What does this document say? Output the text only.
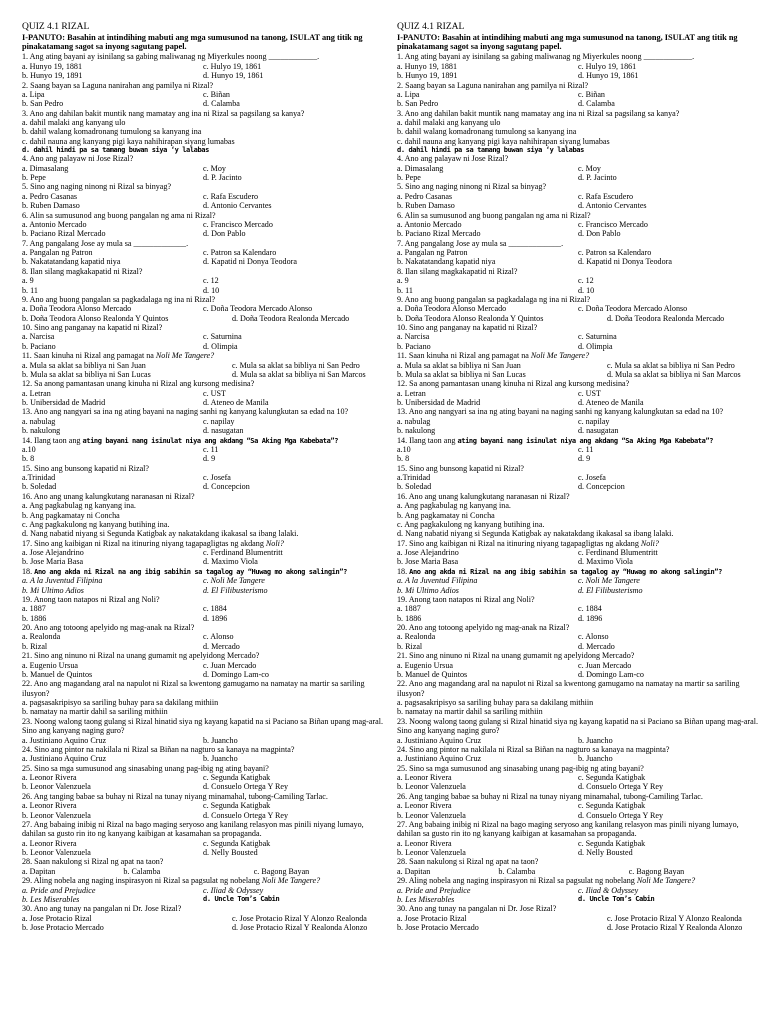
QUIZ 4.1 RIZAL
I-PANUTO: Basahin at intindihing mabuti ang mga sumusunod na tanong, ISULAT ang titik ng pinakatamang sagot sa inyong sagutang papel.
1. Ang ating bayani ay isinilang sa gabing maliwanag ng Miyerkules noong ____________.
a. Hunyo 19, 1881	c. Hulyo 19, 1861
b. Hunyo 19, 1891	d. Hunyo 19, 1861
2. Saang bayan sa Laguna nanirahan ang pamilya ni Rizal?
a. Lipa	c. Biñan
b. San Pedro	d. Calamba
3. Ano ang dahilan bakit muntik nang mamatay ang ina ni Rizal sa pagsilang sa kanya?
a. dahil malaki ang kanyang ulo
b. dahil walang komadronang tumulong sa kanyang ina
c. dahil nauna ang kanyang pigi kaya nahihirapan siyang lumabas
d. dahil hindi pa sa tamang buwan siya ‘y lalabas
4. Ano ang palayaw ni Jose Rizal?
a. Dimasalang	c. Moy
b. Pepe	d. P. Jacinto
5. Sino ang naging ninong ni Rizal sa binyag?
a. Pedro Casanas	c. Rafa Escudero
b. Ruben Damaso	d. Antonio Cervantes
6. Alin sa sumusunod ang buong pangalan ng ama ni Rizal?
a. Antonio Mercado	c. Francisco Mercado
b. Paciano Rizal Mercado	d. Don Pablo
7. Ang pangalang Jose ay mula sa _____________.
a. Pangalan ng Patron	c. Patron sa Kalendaro
b. Nakatatandang kapatid niya	d. Kapatid ni Donya Teodora
8. Ilan silang magkakapatid ni Rizal?
a. 9	c. 12
b. 11	d. 10
9. Ano ang buong pangalan sa pagkadalaga ng ina ni Rizal?
a. Doña Teodora Alonso Mercado	c. Doña Teodora Mercado Alonso
b. Doña Teodora Alonso Realonda Y Quintos	d. Doña Teodora Realonda Mercado
10. Sino ang panganay na kapatid ni Rizal?
a. Narcisa	c. Saturnina
b. Paciano	d. Olimpia
11. Saan kinuha ni Rizal ang pamagat na Noli Me Tangere?
a. Mula sa aklat sa bibliya ni San Juan	c. Mula sa aklat sa bibliya ni San Pedro
b. Mula sa aklat sa bibliya ni San Lucas	d. Mula sa aklat sa bibliya ni San Marcos
12. Sa anong pamantasan unang kinuha ni Rizal ang kursong medisina?
a. Letran	c. UST
b. Unibersidad de Madrid	d. Ateneo de Manila
13. Ano ang nangyari sa ina ng ating bayani na naging sanhi ng kanyang kalungkutan sa edad na 10?
a. nabulag	c. napilay
b. nakulong	d. nasugatan
14. Ilang taon ang ating bayani nang isinulat niya ang akdang “Sa Aking Mga Kabebata”?
a.10	c. 11
b. 8	d. 9
15. Sino ang bunsong kapatid ni Rizal?
a.Trinidad	c. Josefa
b. Soledad	d. Concepcion
16. Ano ang unang kalungkutang naranasan ni Rizal?
a. Ang pagkabulag ng kanyang ina.
b. Ang pagkamatay ni Concha
c. Ang pagkakulong ng kanyang butihing ina.
d. Nang nabatid niyang si Segunda Katigbak ay nakatakdang ikakasal sa ibang lalaki.
17. Sino ang kaibigan ni Rizal na itinuring niyang tagapagligtas ng akdang Noli?
a. Jose Alejandrino	c. Ferdinand Blumentritt
b. Jose Maria Basa	d. Maximo Viola
18. Ano ang akda ni Rizal na ang ibig sabihin sa tagalog ay “Huwag mo akong salingin”?
a. A la Juventud Filipina	c. Noli Me Tangere
b. Mi Ultimo Adios	d. El Filibusterismo
19. Anong taon natapos ni Rizal ang Noli?
a. 1887	c. 1884
b. 1886	d. 1896
20. Ano ang totoong apelyido ng mag-anak na Rizal?
a. Realonda	c. Alonso
b. Rizal	d. Mercado
21. Sino ang ninuno ni Rizal na unang gumamit ng apelyidong Mercado?
a. Eugenio Ursua	c. Juan Mercado
b. Manuel de Quintos	d. Domingo Lam-co
22. Ano ang magandang aral na napulot ni Rizal sa kwentong gamugamo na namatay na martir sa sariling ilusyon?
a. pagsasakripisyo sa sariling buhay para sa dakilang mithiin
b. namatay na martir dahil sa sariling mithiin
23. Noong walong taong gulang si Rizal hinatid siya ng kayang kapatid na si Paciano sa Biñan upang mag-aral. Sino ang kanyang naging guro?
a. Justiniano Aquino Cruz	b. Juancho
24. Sino ang pintor na nakilala ni Rizal sa Biñan na nagturo sa kanaya na magpinta?
a. Justiniano Aquino Cruz	b. Juancho
25. Sino sa mga sumusunod ang sinasabing unang pag-ibig ng ating bayani?
a. Leonor Rivera	c. Segunda Katigbak
b. Leonor Valenzuela	d. Consuelo Ortega Y Rey
26. Ang tanging babae sa buhay ni Rizal na tunay niyang minamahal, tubong-Camiling Tarlac.
a. Leonor Rivera	c. Segunda Katigbak
b. Leonor Valenzuela	d. Consuelo Ortega Y Rey
27. Ang babaing inibig ni Rizal na bago maging seryoso ang kanilang relasyon mas pinili niyang lumayo, dahilan sa gusto rin ito ng kanyang kaibigan at kasamahan sa propaganda.
a. Leonor Rivera	c. Segunda Katigbak
b. Leonor Valenzuela	d. Nelly Bousted
28. Saan nakulong si Rizal ng apat na taon?
a. Dapitan	b. Calamba	c. Bagong Bayan
29. Aling nobela ang naging inspirasyon ni Rizal sa pagsulat ng nobelang Noli Me Tangere?
a. Pride and Prejudice	c. Iliad & Odyssey
b. Les Miserables	d. Uncle Tom’s Cabin
30. Ano ang tunay na pangalan ni Dr. Jose Rizal?
a. Jose Protacio Rizal	c. Jose Protacio Rizal Y Alonzo Realonda
b. Jose Protacio Mercado	d. Jose Protacio Rizal Y Realonda Alonzo
QUIZ 4.1 RIZAL
I-PANUTO: Basahin at intindihing mabuti ang mga sumusunod na tanong, ISULAT ang titik ng pinakatamang sagot sa inyong sagutang papel.
1. Ang ating bayani ay isinilang sa gabing maliwanag ng Miyerkules noong ____________.
a. Hunyo 19, 1881	c. Hulyo 19, 1861
b. Hunyo 19, 1891	d. Hunyo 19, 1861
2. Saang bayan sa Laguna nanirahan ang pamilya ni Rizal?
a. Lipa	c. Biñan
b. San Pedro	d. Calamba
3. Ano ang dahilan bakit muntik nang mamatay ang ina ni Rizal sa pagsilang sa kanya?
a. dahil malaki ang kanyang ulo
b. dahil walang komadronang tumulong sa kanyang ina
c. dahil nauna ang kanyang pigi kaya nahihirapan siyang lumabas
d. dahil hindi pa sa tamang buwan siya ‘y lalabas
4. Ano ang palayaw ni Jose Rizal?
a. Dimasalang	c. Moy
b. Pepe	d. P. Jacinto
5. Sino ang naging ninong ni Rizal sa binyag?
a. Pedro Casanas	c. Rafa Escudero
b. Ruben Damaso	d. Antonio Cervantes
6. Alin sa sumusunod ang buong pangalan ng ama ni Rizal?
a. Antonio Mercado	c. Francisco Mercado
b. Paciano Rizal Mercado	d. Don Pablo
7. Ang pangalang Jose ay mula sa _____________.
a. Pangalan ng Patron	c. Patron sa Kalendaro
b. Nakatatandang kapatid niya	d. Kapatid ni Donya Teodora
8. Ilan silang magkakapatid ni Rizal?
a. 9	c. 12
b. 11	d. 10
9. Ano ang buong pangalan sa pagkadalaga ng ina ni Rizal?
a. Doña Teodora Alonso Mercado	c. Doña Teodora Mercado Alonso
b. Doña Teodora Alonso Realonda Y Quintos	d. Doña Teodora Realonda Mercado
10. Sino ang panganay na kapatid ni Rizal?
a. Narcisa	c. Saturnina
b. Paciano	d. Olimpia
11. Saan kinuha ni Rizal ang pamagat na Noli Me Tangere?
a. Mula sa aklat sa bibliya ni San Juan	c. Mula sa aklat sa bibliya ni San Pedro
b. Mula sa aklat sa bibliya ni San Lucas	d. Mula sa aklat sa bibliya ni San Marcos
12. Sa anong pamantasan unang kinuha ni Rizal ang kursong medisina?
a. Letran	c. UST
b. Unibersidad de Madrid	d. Ateneo de Manila
13. Ano ang nangyari sa ina ng ating bayani na naging sanhi ng kanyang kalungkutan sa edad na 10?
a. nabulag	c. napilay
b. nakulong	d. nasugatan
14. Ilang taon ang ating bayani nang isinulat niya ang akdang “Sa Aking Mga Kabebata”?
a.10	c. 11
b. 8	d. 9
15. Sino ang bunsong kapatid ni Rizal?
a.Trinidad	c. Josefa
b. Soledad	d. Concepcion
16. Ano ang unang kalungkutang naranasan ni Rizal?
a. Ang pagkabulag ng kanyang ina.
b. Ang pagkamatay ni Concha
c. Ang pagkakulong ng kanyang butihing ina.
d. Nang nabatid niyang si Segunda Katigbak ay nakatakdang ikakasal sa ibang lalaki.
17. Sino ang kaibigan ni Rizal na itinuring niyang tagapagligtas ng akdang Noli?
a. Jose Alejandrino	c. Ferdinand Blumentritt
b. Jose Maria Basa	d. Maximo Viola
18. Ano ang akda ni Rizal na ang ibig sabihin sa tagalog ay “Huwag mo akong salingin”?
a. A la Juventud Filipina	c. Noli Me Tangere
b. Mi Ultimo Adios	d. El Filibusterismo
19. Anong taon natapos ni Rizal ang Noli?
a. 1887	c. 1884
b. 1886	d. 1896
20. Ano ang totoong apelyido ng mag-anak na Rizal?
a. Realonda	c. Alonso
b. Rizal	d. Mercado
21. Sino ang ninuno ni Rizal na unang gumamit ng apelyidong Mercado?
a. Eugenio Ursua	c. Juan Mercado
b. Manuel de Quintos	d. Domingo Lam-co
22. Ano ang magandang aral na napulot ni Rizal sa kwentong gamugamo na namatay na martir sa sariling ilusyon?
a. pagsasakripisyo sa sariling buhay para sa dakilang mithiin
b. namatay na martir dahil sa sariling mithiin
23. Noong walong taong gulang si Rizal hinatid siya ng kayang kapatid na si Paciano sa Biñan upang mag-aral. Sino ang kanyang naging guro?
a. Justiniano Aquino Cruz	b. Juancho
24. Sino ang pintor na nakilala ni Rizal sa Biñan na nagturo sa kanaya na magpinta?
a. Justiniano Aquino Cruz	b. Juancho
25. Sino sa mga sumusunod ang sinasabing unang pag-ibig ng ating bayani?
a. Leonor Rivera	c. Segunda Katigbak
b. Leonor Valenzuela	d. Consuelo Ortega Y Rey
26. Ang tanging babae sa buhay ni Rizal na tunay niyang minamahal, tubong-Camiling Tarlac.
a. Leonor Rivera	c. Segunda Katigbak
b. Leonor Valenzuela	d. Consuelo Ortega Y Rey
27. Ang babaing inibig ni Rizal na bago maging seryoso ang kanilang relasyon mas pinili niyang lumayo, dahilan sa gusto rin ito ng kanyang kaibigan at kasamahan sa propaganda.
a. Leonor Rivera	c. Segunda Katigbak
b. Leonor Valenzuela	d. Nelly Bousted
28. Saan nakulong si Rizal ng apat na taon?
a. Dapitan	b. Calamba	c. Bagong Bayan
29. Aling nobela ang naging inspirasyon ni Rizal sa pagsulat ng nobelang Noli Me Tangere?
a. Pride and Prejudice	c. Iliad & Odyssey
b. Les Miserables	d. Uncle Tom’s Cabin
30. Ano ang tunay na pangalan ni Dr. Jose Rizal?
a. Jose Protacio Rizal	c. Jose Protacio Rizal Y Alonzo Realonda
b. Jose Protacio Mercado	d. Jose Protacio Rizal Y Realonda Alonzo
